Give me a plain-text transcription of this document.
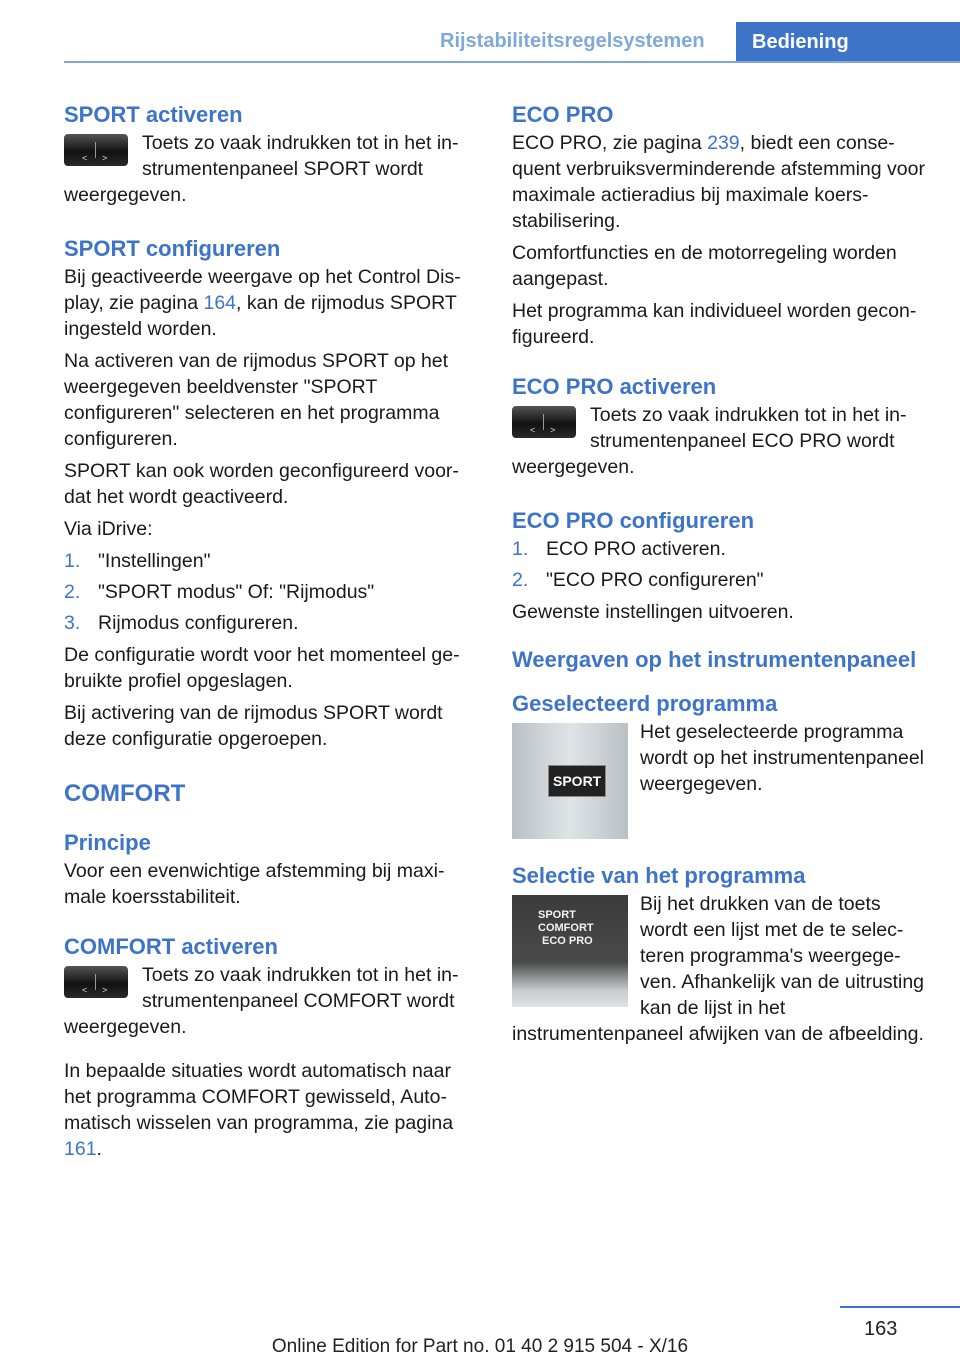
Rijstabiliteitsregelsystemen	Bediening
SPORT activeren
< >

Toets zo vaak indrukken tot in het instrumentenpaneel SPORT wordt weergegeven.

SPORT configureren

Bij geactiveerde weergave op het Control Display, zie pagina 164, kan de rijmodus SPORT ingesteld worden.

Na activeren van de rijmodus SPORT op het weergegeven beeldvenster "SPORT configureren" selecteren en het programma configureren.

SPORT kan ook worden geconfigureerd voordat het wordt geactiveerd.

Via iDrive:

1. "Instellingen"
2. "SPORT modus" Of: "Rijmodus"
3. Rijmodus configureren.

De configuratie wordt voor het momenteel gebruikte profiel opgeslagen.

Bij activering van de rijmodus SPORT wordt deze configuratie opgeroepen.

COMFORT
Principe

Voor een evenwichtige afstemming bij maximale koersstabiliteit.

COMFORT activeren
< >

Toets zo vaak indrukken tot in het instrumentenpaneel COMFORT wordt weergegeven.

In bepaalde situaties wordt automatisch naar het programma COMFORT gewisseld, Automatisch wisselen van programma, zie pagina 161.

ECO PRO

ECO PRO, zie pagina 239, biedt een consequent verbruiksverminderende afstemming voor maximale actieradius bij maximale koersstabilisering.

Comfortfuncties en de motorregeling worden aangepast.

Het programma kan individueel worden geconfigureerd.

ECO PRO activeren
< >

Toets zo vaak indrukken tot in het instrumentenpaneel ECO PRO wordt weergegeven.

ECO PRO configureren
1. ECO PRO activeren.
2. "ECO PRO configureren"

Gewenste instellingen uitvoeren.

Weergaven op het instrumentenpaneel
Geselecteerd programma
SPORT

Het geselecteerde programma wordt op het instrumentenpaneel weergegeven.

Selectie van het programma
SPORT
COMFORT
ECO PRO

Bij het drukken van de toets wordt een lijst met de te selecteren programma's weergegeven. Afhankelijk van de uitrusting kan de lijst in het instrumentenpaneel afwijken van de afbeelding.

163
Online Edition for Part no. 01 40 2 915 504 - X/16
